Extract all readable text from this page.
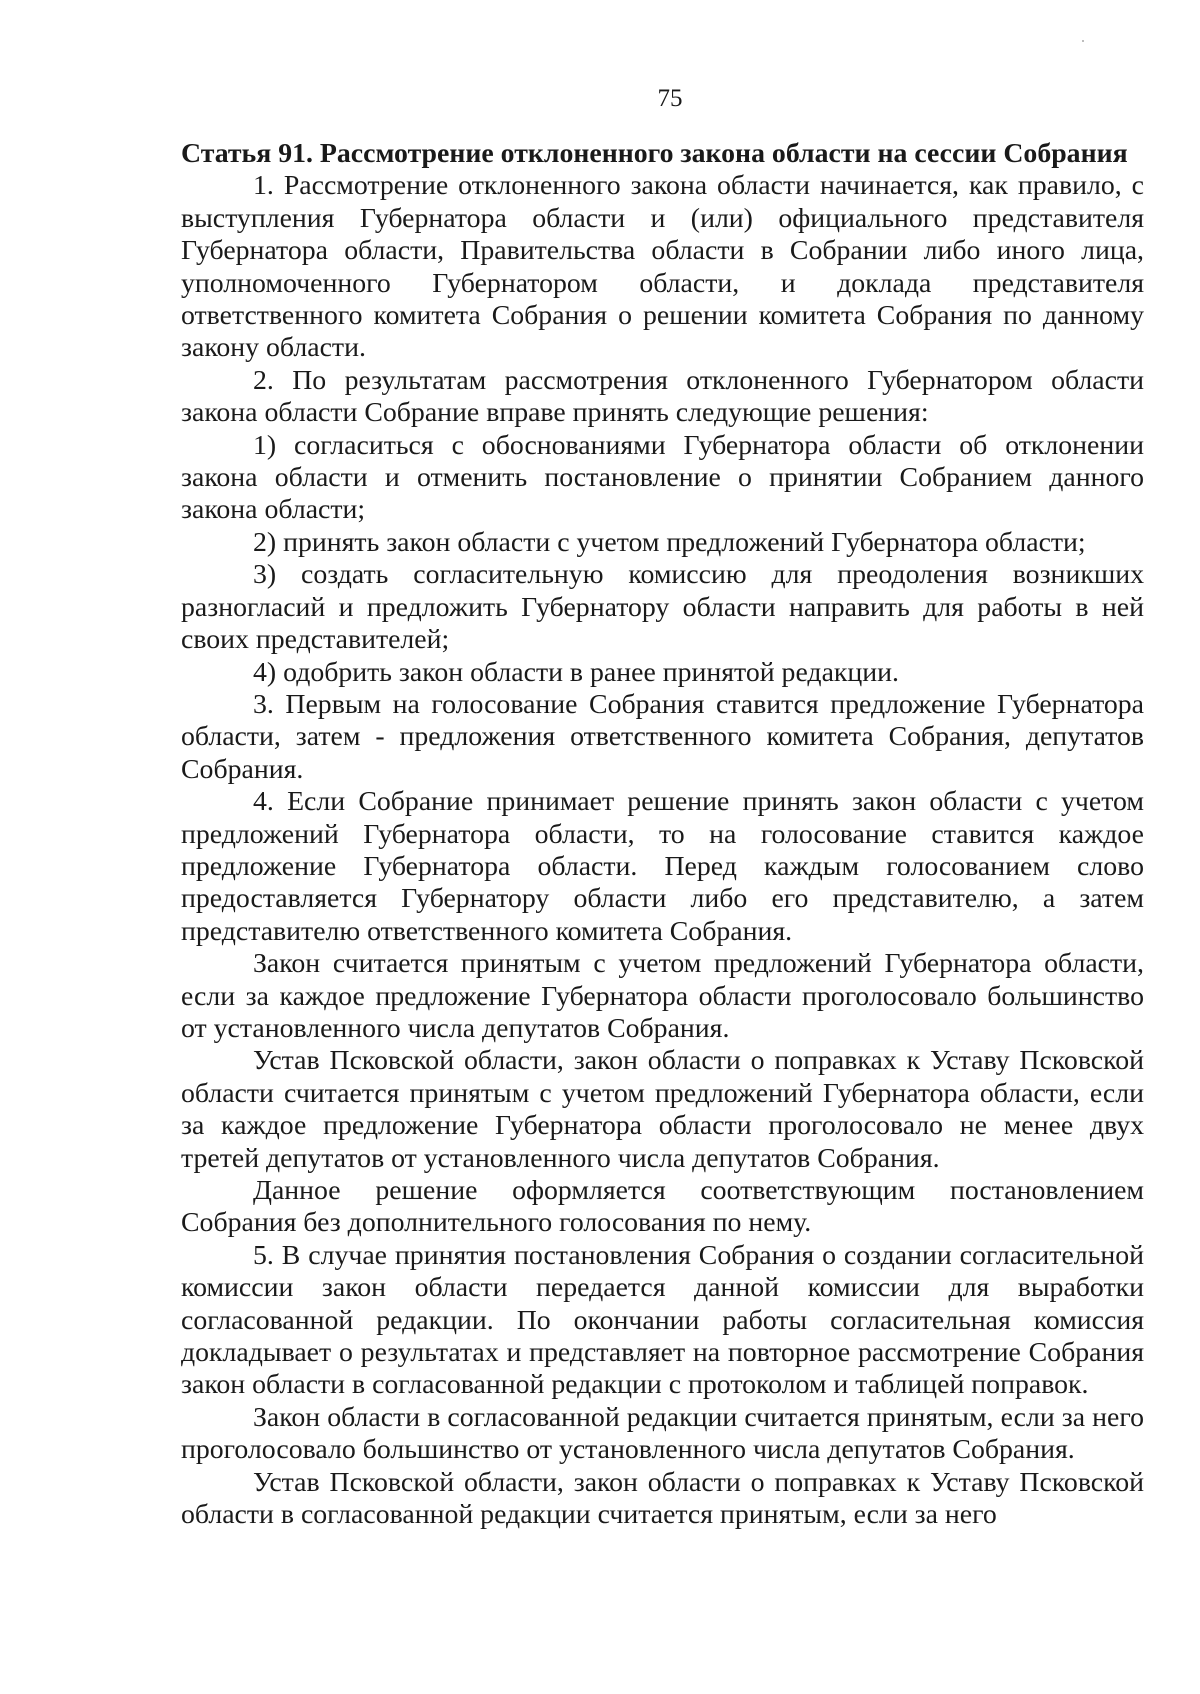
75

Статья 91. Рассмотрение отклоненного закона области на сессии Собрания

1. Рассмотрение отклоненного закона области начинается, как правило, с выступления Губернатора области и (или) официального представителя Губернатора области, Правительства области в Собрании либо иного лица, уполномоченного Губернатором области, и доклада представителя ответственного комитета Собрания о решении комитета Собрания по данному закону области.

2. По результатам рассмотрения отклоненного Губернатором области закона области Собрание вправе принять следующие решения:

1) согласиться с обоснованиями Губернатора области об отклонении закона области и отменить постановление о принятии Собранием данного закона области;

2) принять закон области с учетом предложений Губернатора области;

3) создать согласительную комиссию для преодоления возникших разногласий и предложить Губернатору области направить для работы в ней своих представителей;

4) одобрить закон области в ранее принятой редакции.

3. Первым на голосование Собрания ставится предложение Губернатора области, затем - предложения ответственного комитета Собрания, депутатов Собрания.

4. Если Собрание принимает решение принять закон области с учетом предложений Губернатора области, то на голосование ставится каждое предложение Губернатора области. Перед каждым голосованием слово предоставляется Губернатору области либо его представителю, а затем представителю ответственного комитета Собрания.

Закон считается принятым с учетом предложений Губернатора области, если за каждое предложение Губернатора области проголосовало большинство от установленного числа депутатов Собрания.

Устав Псковской области, закон области о поправках к Уставу Псковской области считается принятым с учетом предложений Губернатора области, если за каждое предложение Губернатора области проголосовало не менее двух третей депутатов от установленного числа депутатов Собрания.

Данное решение оформляется соответствующим постановлением Собрания без дополнительного голосования по нему.

5. В случае принятия постановления Собрания о создании согласительной комиссии закон области передается данной комиссии для выработки согласованной редакции. По окончании работы согласительная комиссия докладывает о результатах и представляет на повторное рассмотрение Собрания закон области в согласованной редакции с протоколом и таблицей поправок.

Закон области в согласованной редакции считается принятым, если за него проголосовало большинство от установленного числа депутатов Собрания.

Устав Псковской области, закон области о поправках к Уставу Псковской области в согласованной редакции считается принятым, если за него
